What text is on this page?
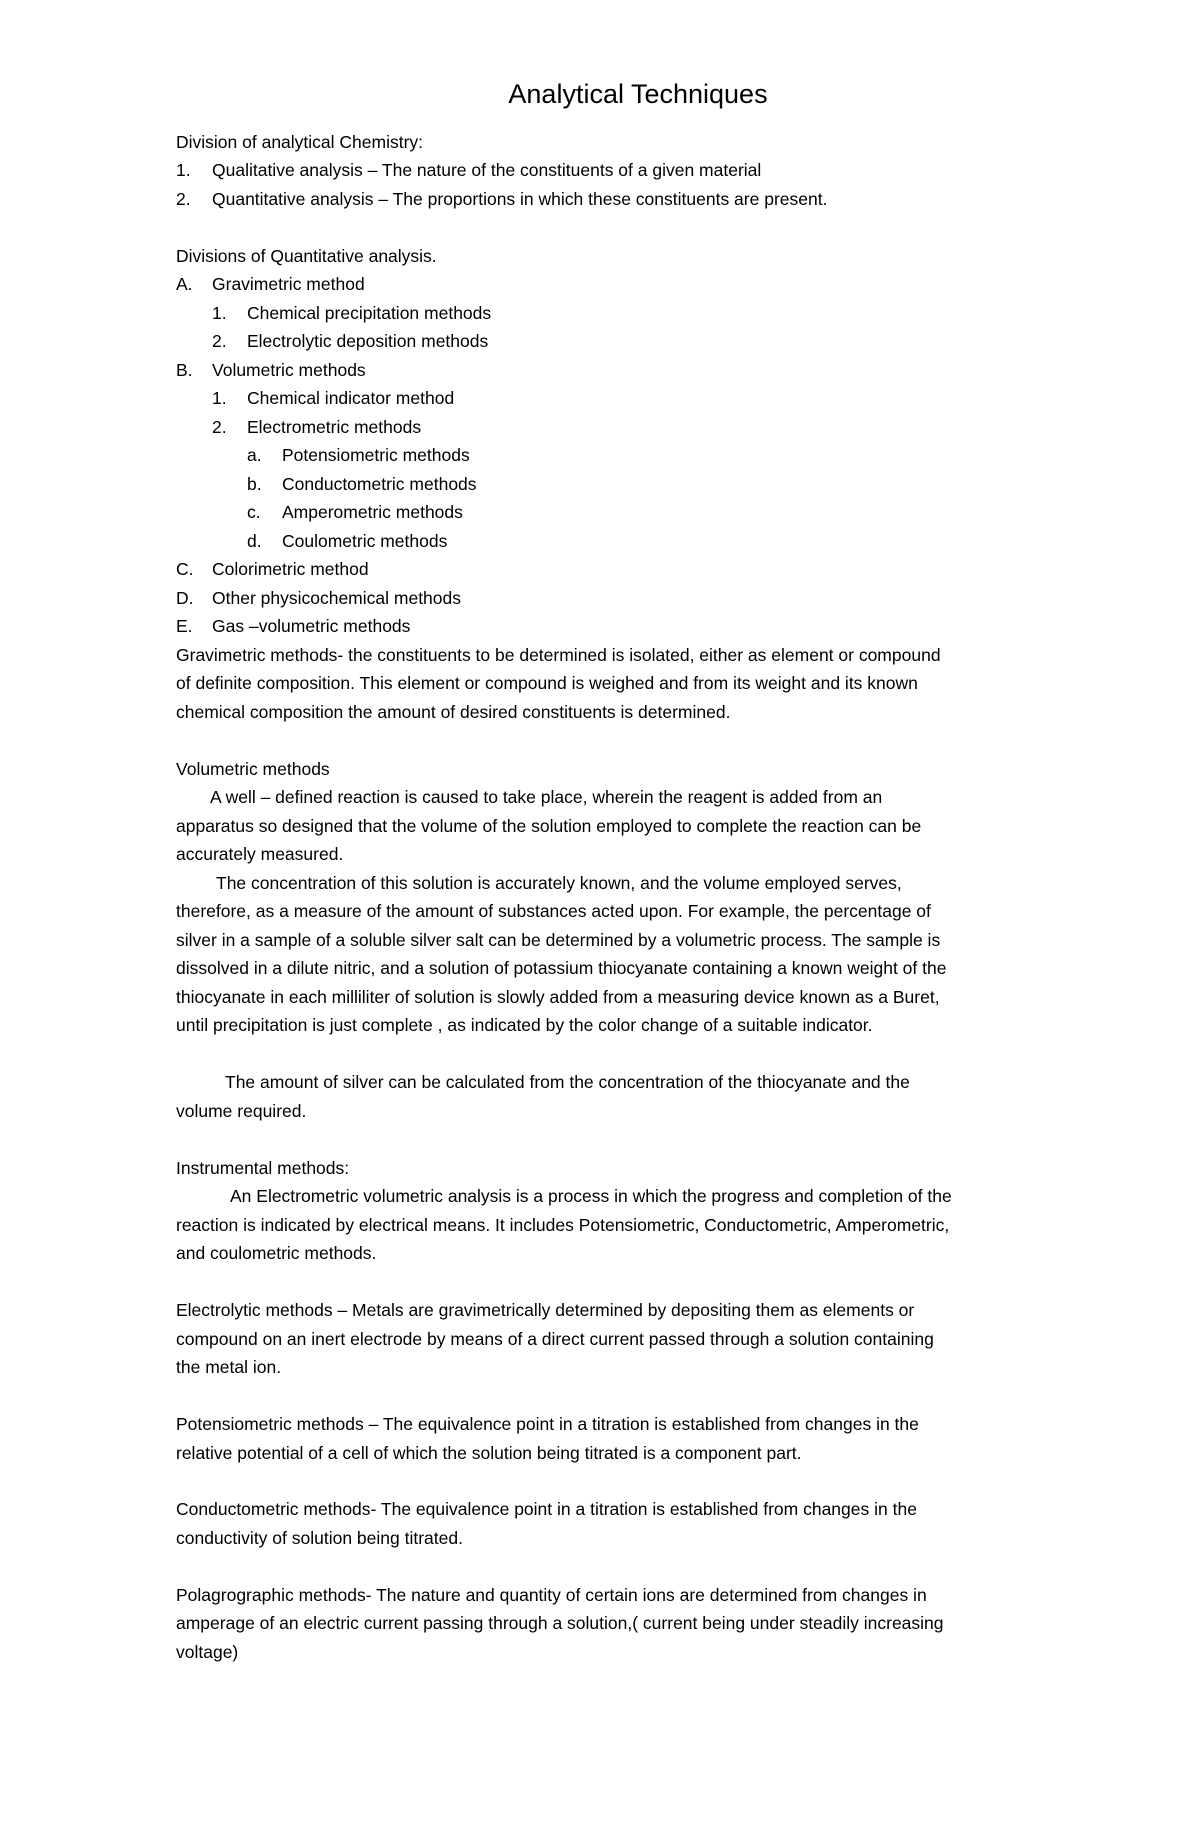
Analytical Techniques
Division of analytical Chemistry:
1. Qualitative analysis – The nature of the constituents of a given material
2. Quantitative analysis – The proportions in which these constituents are present.
Divisions of Quantitative analysis.
A. Gravimetric method
1. Chemical precipitation methods
2. Electrolytic deposition methods
B. Volumetric methods
1. Chemical indicator method
2. Electrometric methods
a. Potensiometric methods
b. Conductometric methods
c. Amperometric methods
d. Coulometric methods
C. Colorimetric method
D. Other physicochemical methods
E. Gas –volumetric methods
Gravimetric methods- the constituents to be determined is isolated, either as element or compound
of definite composition. This element or compound is weighed and from its weight and its known
chemical composition the amount of desired constituents is determined.
Volumetric methods
A well – defined reaction is caused to take place, wherein the reagent is added from an
apparatus so designed that the volume of the solution employed to complete the reaction can be
accurately measured.
The concentration of this solution is accurately known, and the volume employed serves,
therefore, as a measure of the amount of substances acted upon. For example, the percentage of
silver in a sample of a soluble silver salt can be determined by a volumetric process. The sample is
dissolved in a dilute nitric, and a solution of potassium thiocyanate containing a known weight of the
thiocyanate in each milliliter of solution is slowly added from a measuring device known as a Buret,
until precipitation is just complete , as indicated by the color change of a suitable indicator.
The amount of silver can be calculated from the concentration of the thiocyanate and the
volume required.
Instrumental methods:
An Electrometric volumetric analysis is a process in which the progress and completion of the
reaction is indicated by electrical means. It includes Potensiometric, Conductometric, Amperometric,
and coulometric methods.
Electrolytic methods – Metals are gravimetrically determined by depositing them as elements or
compound on an inert electrode by means of a direct current passed through a solution containing
the metal ion.
Potensiometric methods – The equivalence point in a titration is established from changes in the
relative potential of a cell of which the solution being titrated is a component part.
Conductometric methods- The equivalence point in a titration is established from changes in the
conductivity of solution being titrated.
Polagrographic methods- The nature and quantity of certain ions are determined from changes in
amperage of an electric current passing through a solution,( current being under steadily increasing
voltage)
